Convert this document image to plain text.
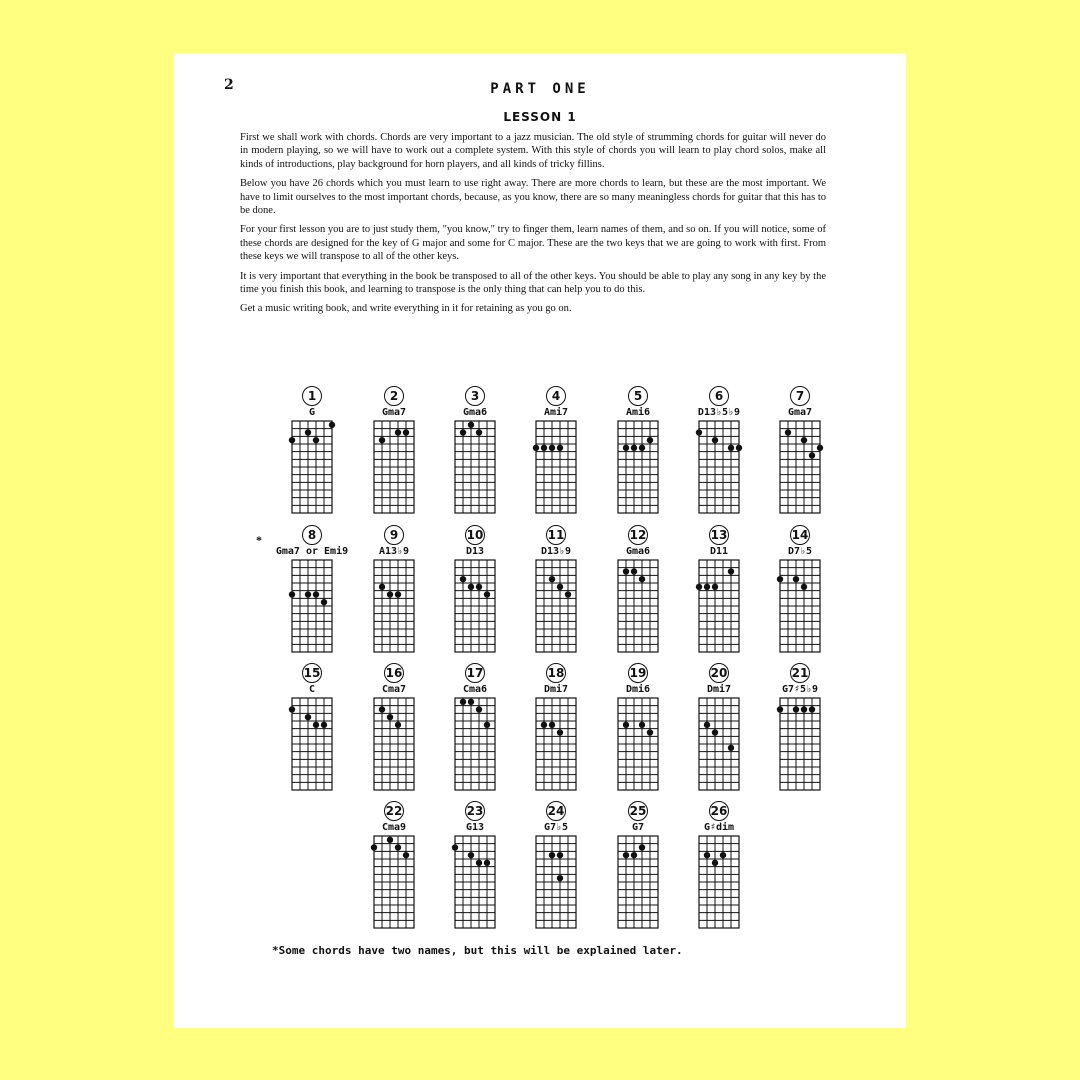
2	PART ONE
LESSON 1

First we shall work with chords. Chords are very important to a jazz musician. The old style of strumming chords for guitar will never do in modern playing, so we will have to work out a complete system. With this style of chords you will learn to play chord solos, make all kinds of introductions, play background for horn players, and all kinds of tricky fillins.

Below you have 26 chords which you must learn to use right away. There are more chords to learn, but these are the most important. We have to limit ourselves to the most important chords, because, as you know, there are so many meaningless chords for guitar that this has to be done.

For your first lesson you are to just study them, "you know," try to finger them, learn names of them, and so on. If you will notice, some of these chords are designed for the key of G major and some for C major. These are the two keys that we are going to work with first. From these keys we will transpose to all of the other keys.

It is very important that everything in the book be transposed to all of the other keys. You should be able to play any song in any key by the time you finish this book, and learning to transpose is the only thing that can help you to do this.

Get a music writing book, and write everything in it for retaining as you go on.

*
1
G
2
Gma7
3
Gma6
4
Ami7
5
Ami6
6
D13♭5♭9
7
Gma7
8
Gma7 or Emi9
9
A13♭9
10
D13
11
D13♭9
12
Gma6
13
D11
14
D7♭5
15
C
16
Cma7
17
Cma6
18
Dmi7
19
Dmi6
20
Dmi7
21
G7♯5♭9
22
Cma9
23
G13
24
G7♭5
25
G7
26
G♯dim
*Some chords have two names, but this will be explained later.
